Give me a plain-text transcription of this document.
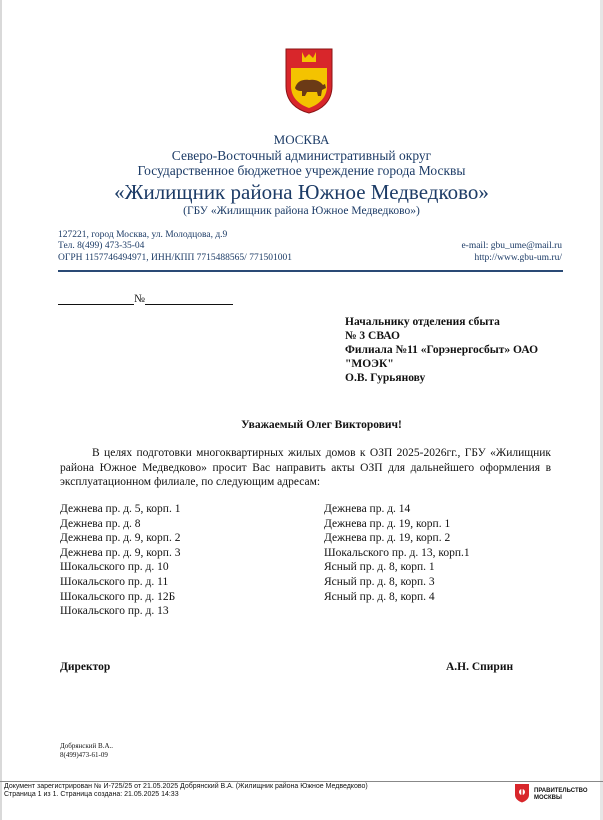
МОСКВА
Северо-Восточный административный округ
Государственное бюджетное учреждение города Москвы
«Жилищник района Южное Медведково»
(ГБУ «Жилищник района Южное Медведково»)
127221, город Москва, ул. Молодцова, д.9
Тел. 8(499) 473-35-04
ОГРН 1157746494971, ИНН/КПП 7715488565/ 771501001
e-mail: gbu_ume@mail.ru
http://www.gbu-um.ru/
№
Начальнику отделения сбыта
№ 3 СВАО
Филиала №11 «Горэнергосбыт» ОАО
"МОЭК"
О.В. Гурьянову
Уважаемый Олег Викторович!
В целях подготовки многоквартирных жилых домов к ОЗП 2025-2026гг., ГБУ «Жилищник района Южное Медведково» просит Вас направить акты ОЗП для дальнейшего оформления в эксплуатационном филиале, по следующим адресам:
Дежнева пр. д. 5, корп. 1
Дежнева пр. д. 8
Дежнева пр. д. 9, корп. 2
Дежнева пр. д. 9, корп. 3
Шокальского пр. д. 10
Шокальского пр. д. 11
Шокальского пр. д. 12Б
Шокальского пр. д. 13
Дежнева пр. д. 14
Дежнева пр. д. 19, корп. 1
Дежнева пр. д. 19, корп. 2
Шокальского пр. д. 13, корп.1
Ясный пр. д. 8, корп. 1
Ясный пр. д. 8, корп. 3
Ясный пр. д. 8, корп. 4
Директор	А.Н. Спирин
Добрянский В.А..
8(499)473-61-09
Документ зарегистрирован № И-725/25 от 21.05.2025 Добрянский В.А. (Жилищник района Южное Медведково)
Страница 1 из 1. Страница создана: 21.05.2025 14:33	ПРАВИТЕЛЬСТВО
МОСКВЫ
